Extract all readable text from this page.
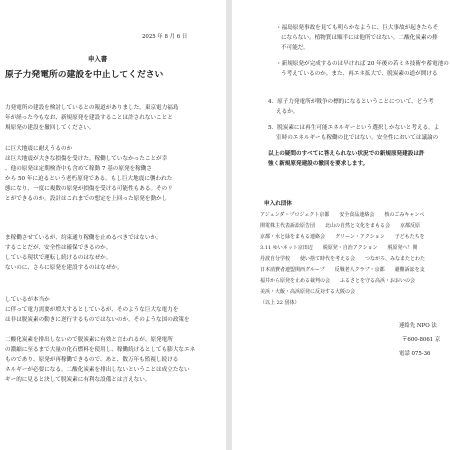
2025 年 8 月 6 日

申入書

原子力発電所の建設を中止してください

力発電所の建設を検討しているとの報道がありました。東京電力福島

年が経った今もなお、新規原発を建設することは許されないことと

規原発の建設を撤回してください。

に巨大地震に耐えうるのか

は巨大地震が大きな損傷を受けた。稼働していなかったことが幸

、他の原発は定期検査中も含めて稼動 7 基の原発を稼働さ

から 50 年に迫るという老朽原発である。もし巨大地震に襲われた

態になり、一度に複数の原発が損傷を受ける可能性もある。そのリ

とができるのか。設計はこれまでの想定を上回った原発を動かし

ま稼働させているが、約束通り稼働を止めるべきではないか。

することだが、安全性は確保できるのか。

している現状で運転し続けるのはなぜか。

ないのに、さらに原発を建設するのはなぜか。

しているが本当か

に伴って電力需要が増大するとしているが、そのような巨大な電力を

は非は脱炭素の動きに逆行するものではないのか。そのような国の政策を

二酸化炭素を排出しないので脱炭素に有効と言われるが、原発電所

の濃縮に至るまで大量の化石燃料を使用し、稼働続けるとしても膨大なエネ

ものであり、原発が再稼働できるので、あと、数万年も監視し続ける

ネルギーが必要になる。二酸化炭素を排出しないということは成立たない

ギー的に見ると決して脱炭素に有利な設備とは言えない。

・福島原発事故を見ても明らかなように、巨大事故が起きたらそ

にならない。植物質は順半には他所ではない。二酸化炭素の排

不可能だ。

・新規原発が完成するのは早ければ 20 年後の若ミネ技術や蓄電池の

う考えているのか。また、再エネ拡大で、脱炭素の道が開ける

4．原子力発電所が戦争の標的になるということについて、どう考

えるか。

5．脱炭素には再生可能エネルギーという選択しかないと考える。よ

室時のエネルギーも稼働の比ではない。安全性においては議論の

以上の疑問のすべてに答えられない状況での新規原発建設は許

強く新規原発建設の撤回を要求します。

申入れ団体

アジェンダ・プロジェクト京都　　安全食品連絡会　　核のごみキャンペ

関電株主代表訴訟原告団　　北山の自然と文化をまもる会　　京都反原

京都・水と緑をまもる連絡会　　グリーン・アクション　　子どもたちを

3.11 ゆいネット京田辺　　脱原発・自治アクション　　脱原発へ！関

丹波自分学校　　使い捨て時代を考える会　　つながろ、みなまたとわた

日本消費者連盟関西グループ　　反戦老人クラブ・京都　　避難訴訟を支

福井から原発を止める裁判の会　　ふるさとを守る高浜・おおいの会

美浜・大飯・高浜原発に反対する大阪の会

（以上 22 団体）

連絡先 NPO 法

〒600-8061 京

電話 075-36
